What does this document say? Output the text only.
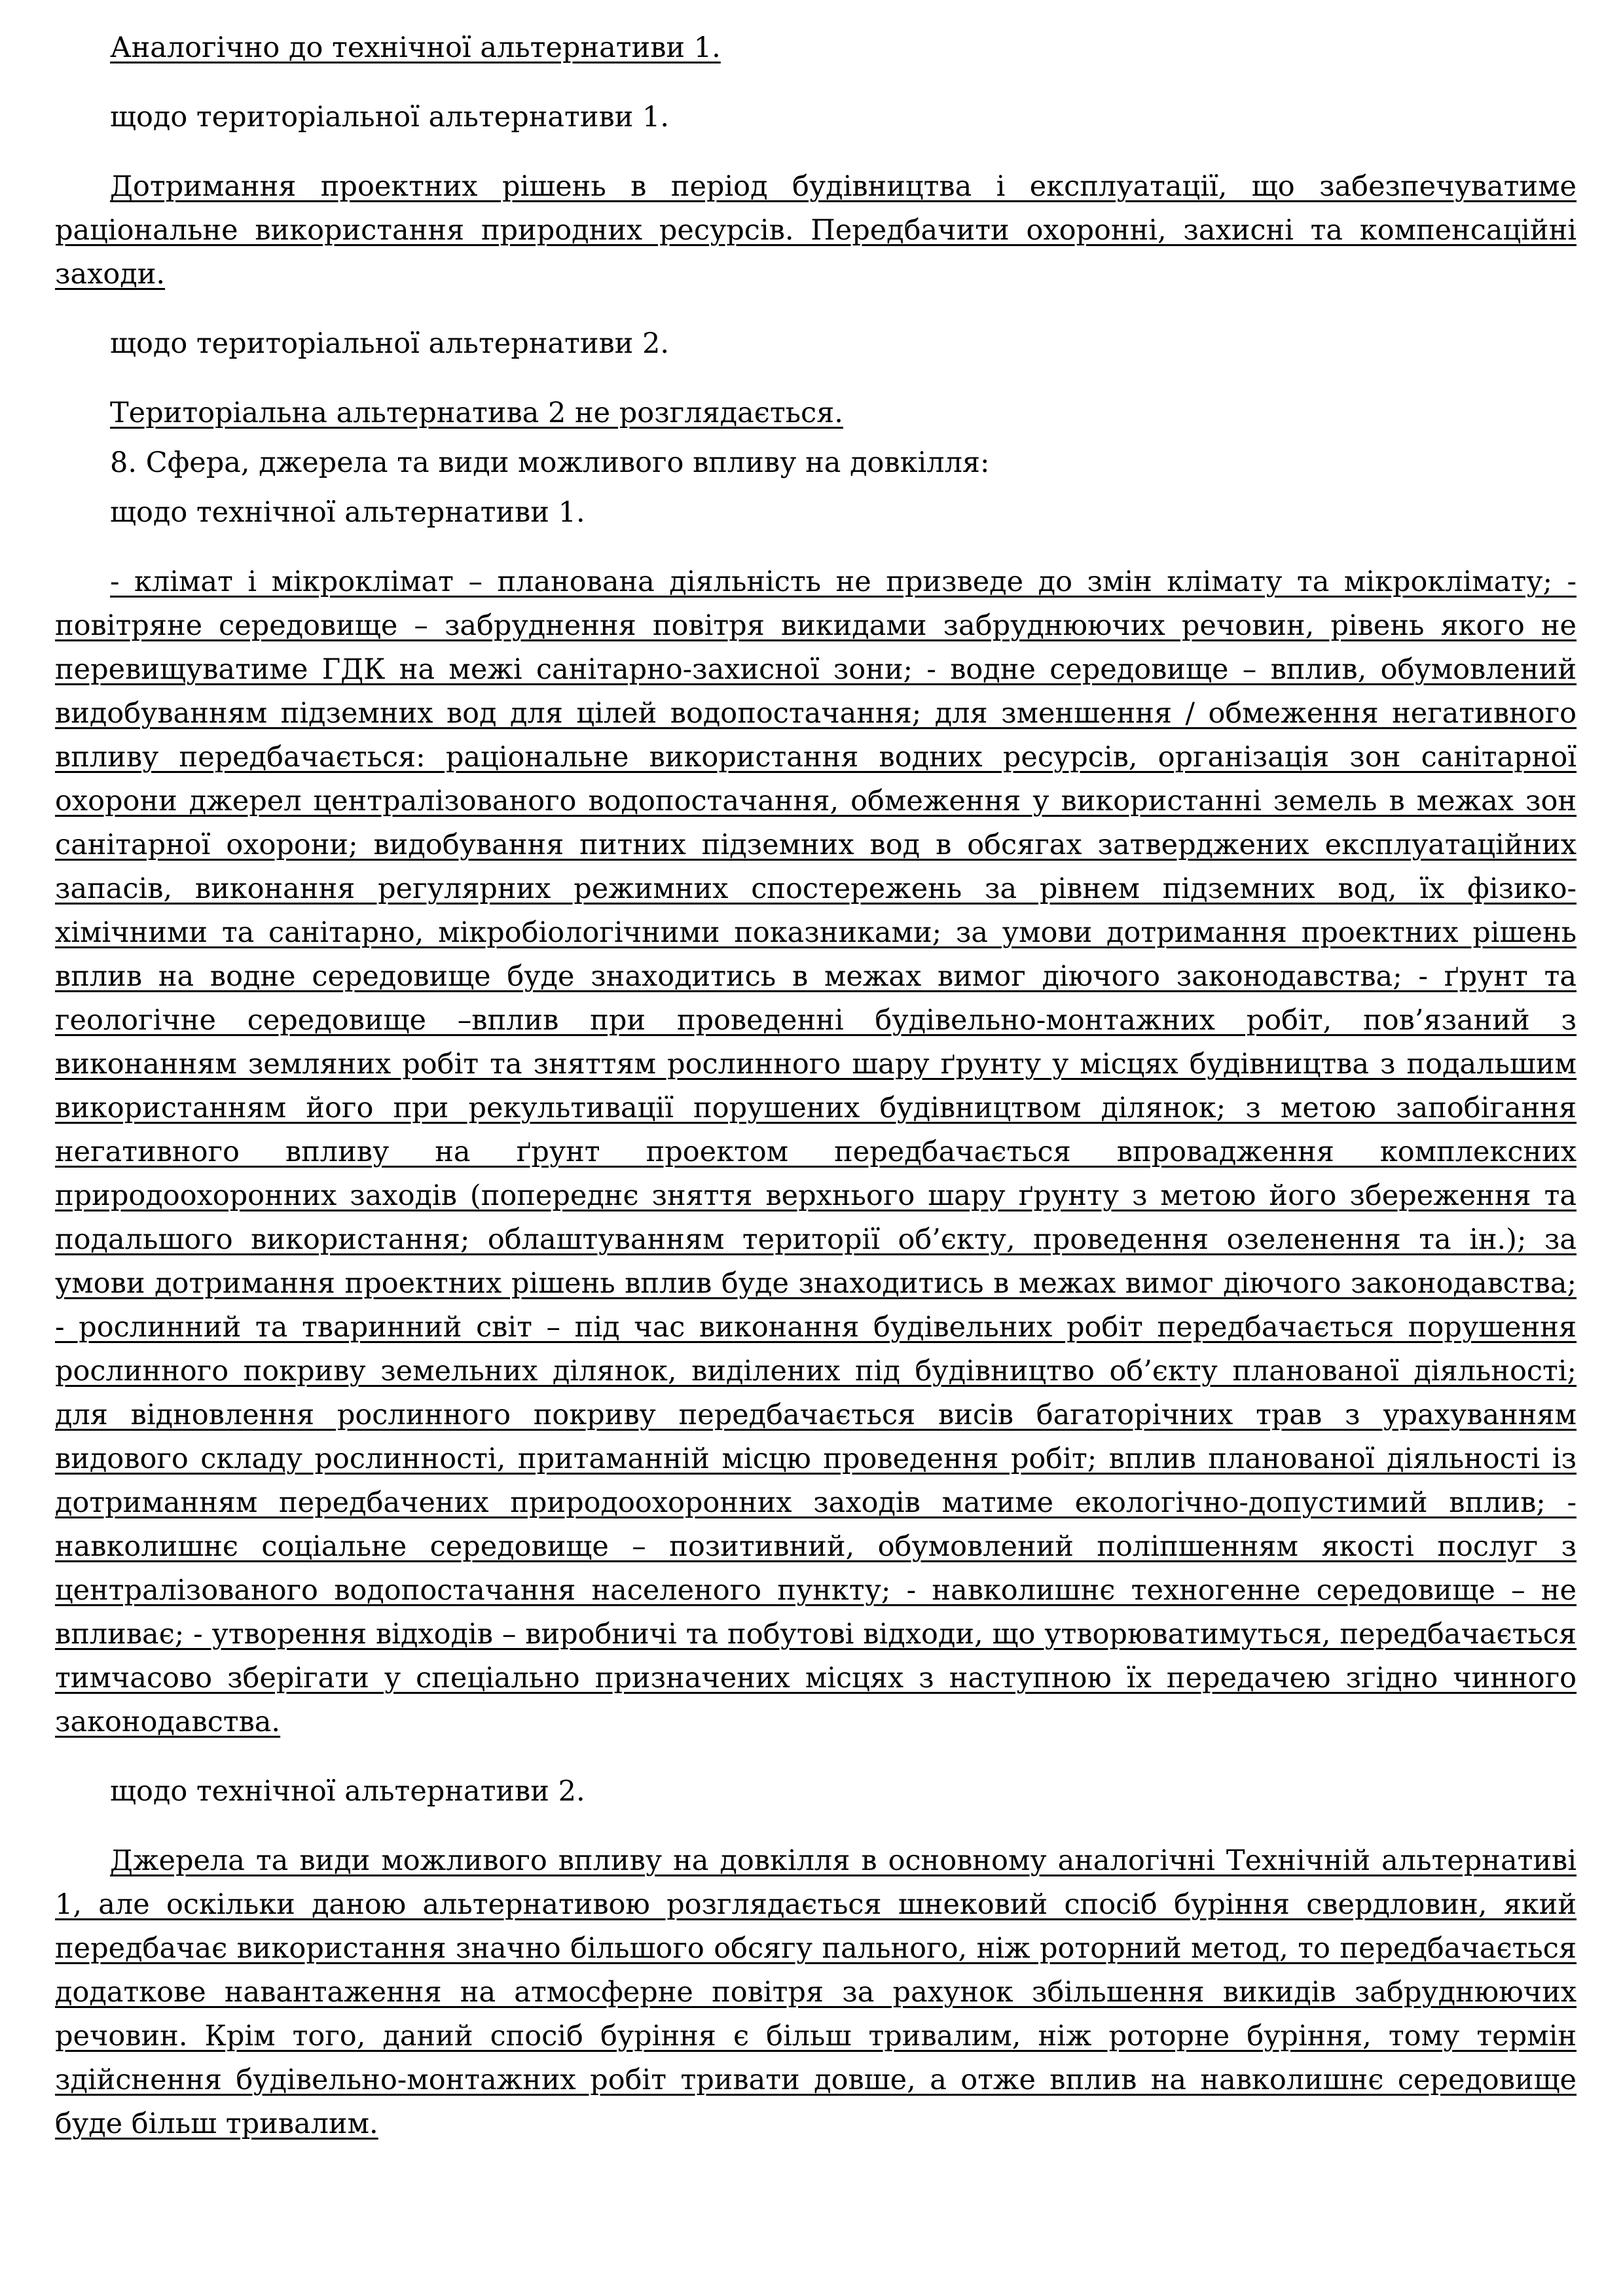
Аналогічно до технічної альтернативи 1.

щодо територіальної альтернативи 1.

Дотримання проектних рішень в період будівництва і експлуатації, що забезпечуватиме раціональне використання природних ресурсів. Передбачити охоронні, захисні та компенсаційні заходи.

щодо територіальної альтернативи 2.

Територіальна альтернатива 2 не розглядається.

8. Сфера, джерела та види можливого впливу на довкілля:

щодо технічної альтернативи 1.

- клімат і мікроклімат – планована діяльність не призведе до змін клімату та мікроклімату; - повітряне середовище – забруднення повітря викидами забруднюючих речовин, рівень якого не перевищуватиме ГДК на межі санітарно-захисної зони; - водне середовище – вплив, обумовлений видобуванням підземних вод для цілей водопостачання; для зменшення / обмеження негативного впливу передбачається: раціональне використання водних ресурсів, організація зон санітарної охорони джерел централізованого водопостачання, обмеження у використанні земель в межах зон санітарної охорони; видобування питних підземних вод в обсягах затверджених експлуатаційних запасів, виконання регулярних режимних спостережень за рівнем підземних вод, їх фізико-хімічними та санітарно, мікробіологічними показниками; за умови дотримання проектних рішень вплив на водне середовище буде знаходитись в межах вимог діючого законодавства; - ґрунт та геологічне середовище –вплив при проведенні будівельно-монтажних робіт, пов’язаний з виконанням земляних робіт та зняттям рослинного шару ґрунту у місцях будівництва з подальшим використанням його при рекультивації порушених будівництвом ділянок; з метою запобігання негативного впливу на ґрунт проектом передбачається впровадження комплексних природоохоронних заходів (попереднє зняття верхнього шару ґрунту з метою його збереження та подальшого використання; облаштуванням території об’єкту, проведення озеленення та ін.); за умови дотримання проектних рішень вплив буде знаходитись в межах вимог діючого законодавства; - рослинний та тваринний світ – під час виконання будівельних робіт передбачається порушення рослинного покриву земельних ділянок, виділених під будівництво об’єкту планованої діяльності; для відновлення рослинного покриву передбачається висів багаторічних трав з урахуванням видового складу рослинності, притаманній місцю проведення робіт; вплив планованої діяльності із дотриманням передбачених природоохоронних заходів матиме екологічно-допустимий вплив; - навколишнє соціальне середовище – позитивний, обумовлений поліпшенням якості послуг з централізованого водопостачання населеного пункту; - навколишнє техногенне середовище – не впливає; - утворення відходів – виробничі та побутові відходи, що утворюватимуться, передбачається тимчасово зберігати у спеціально призначених місцях з наступною їх передачею згідно чинного законодавства.

щодо технічної альтернативи 2.

Джерела та види можливого впливу на довкілля в основному аналогічні Технічній альтернативі 1, але оскільки даною альтернативою розглядається шнековий спосіб буріння свердловин, який передбачає використання значно більшого обсягу пального, ніж роторний метод, то передбачається додаткове навантаження на атмосферне повітря за рахунок збільшення викидів забруднюючих речовин. Крім того, даний спосіб буріння є більш тривалим, ніж роторне буріння, тому термін здійснення будівельно-монтажних робіт тривати довше, а отже вплив на навколишнє середовище буде більш тривалим.
